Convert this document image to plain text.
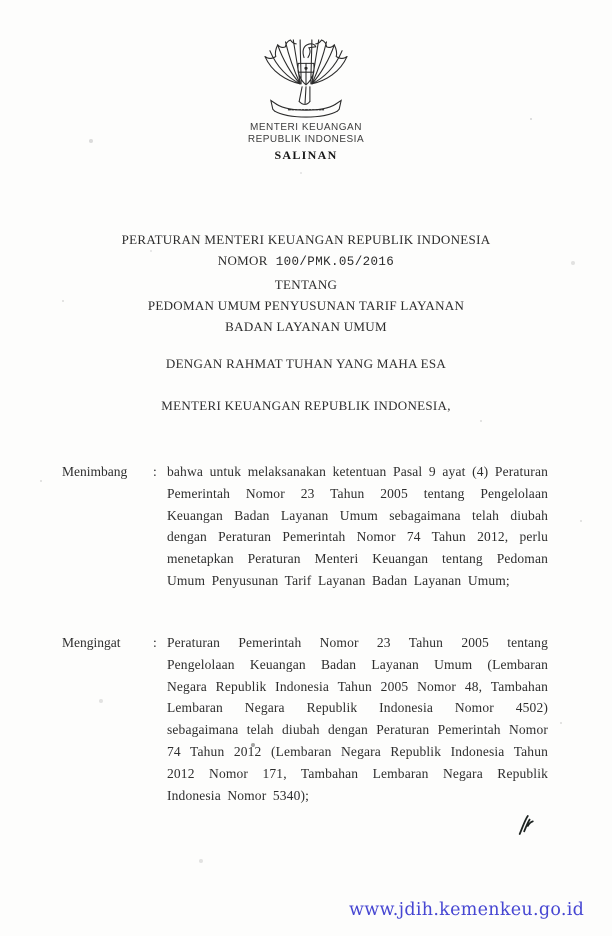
MENTERI KEUANGAN
REPUBLIK INDONESIA
SALINAN
PERATURAN MENTERI KEUANGAN REPUBLIK INDONESIA
NOMOR 100/PMK.05/2016
TENTANG
PEDOMAN UMUM PENYUSUNAN TARIF LAYANAN
BADAN LAYANAN UMUM
DENGAN RAHMAT TUHAN YANG MAHA ESA
MENTERI KEUANGAN REPUBLIK INDONESIA,
Menimbang	: bahwa untuk melaksanakan ketentuan Pasal 9 ayat (4) Peraturan Pemerintah Nomor 23 Tahun 2005 tentang Pengelolaan Keuangan Badan Layanan Umum sebagaimana telah diubah dengan Peraturan Pemerintah Nomor 74 Tahun 2012, perlu menetapkan Peraturan Menteri Keuangan tentang Pedoman Umum Penyusunan Tarif Layanan Badan Layanan Umum;
Mengingat	: Peraturan Pemerintah Nomor 23 Tahun 2005 tentang Pengelolaan Keuangan Badan Layanan Umum (Lembaran Negara Republik Indonesia Tahun 2005 Nomor 48, Tambahan Lembaran Negara Republik Indonesia Nomor 4502) sebagaimana telah diubah dengan Peraturan Pemerintah Nomor 74 Tahun 2012 (Lembaran Negara Republik Indonesia Tahun 2012 Nomor 171, Tambahan Lembaran Negara Republik Indonesia Nomor 5340);
www.jdih.kemenkeu.go.id
